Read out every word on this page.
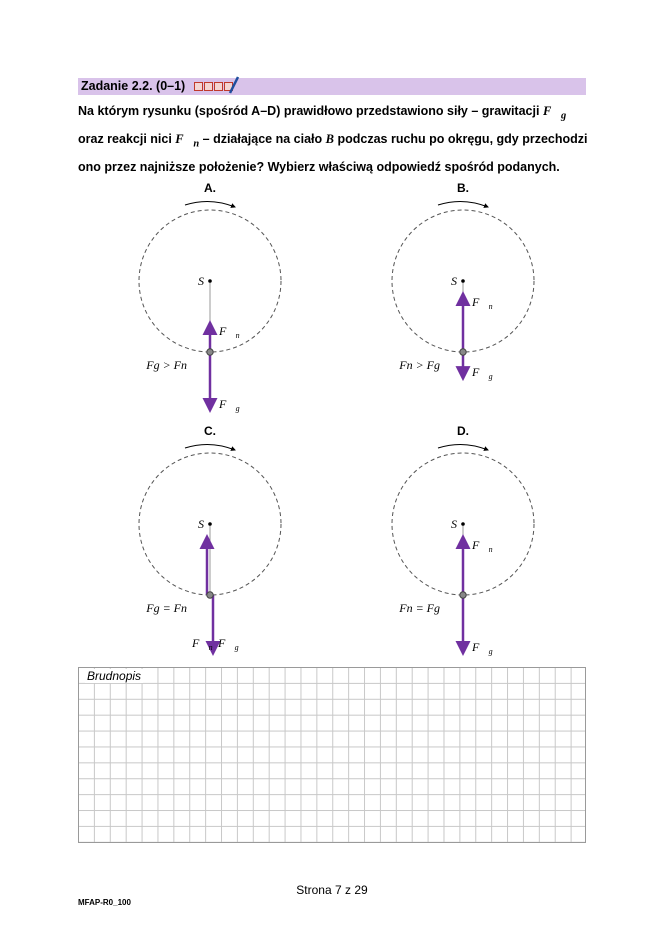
Zadanie 2.2. (0–1)
Na którym rysunku (spośród A–D) prawidłowo przedstawiono siły – grawitacji $F⃗_g$ oraz reakcji nici $F⃗_n$ – działające na ciało B podczas ruchu po okręgu, gdy przechodzi ono przez najniższe położenie? Wybierz właściwą odpowiedź spośród podanych.
A.
S
$F⃗_n$
$F⃗_g$
Fg > Fn
B.
S
$F⃗_n$
$F⃗_g$
Fn > Fg
C.
S
$F⃗_n$ $F⃗_g$
Fg = Fn
D.
S
$F⃗_n$
$F⃗_g$
Fn = Fg
Brudnopis
Strona 7 z 29
MFAP-R0_100
